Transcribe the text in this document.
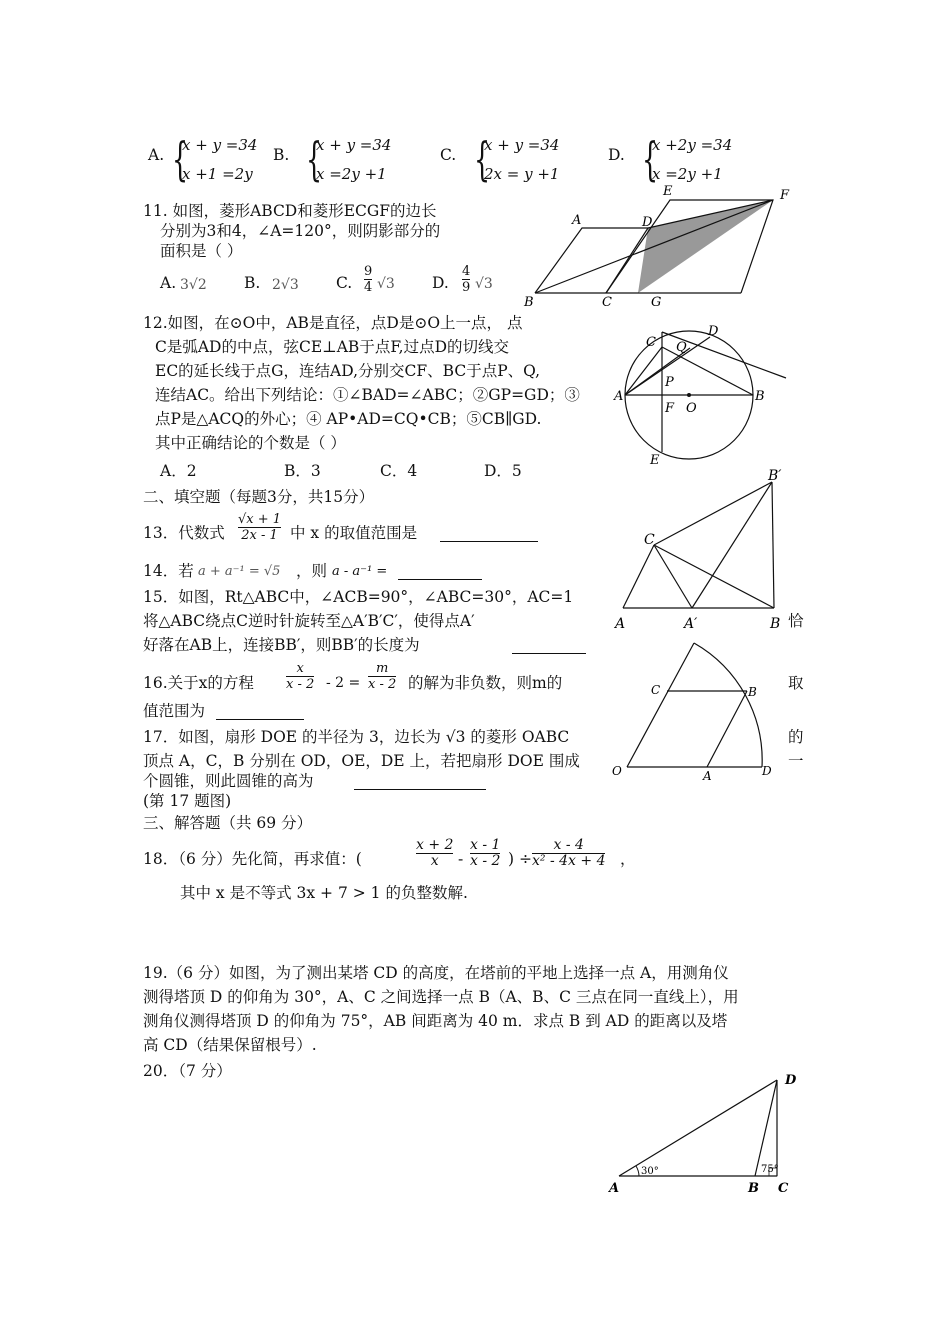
A. {
x + y =34
x +1 =2y
B. {
x + y =34
x =2y +1
C. {
x + y =34
2x = y +1
D. {
x +2y =34
x =2y +1
11. 如图，菱形ABCD和菱形ECGF的边长
分别为3和4，∠A=120°，则阴影部分的
面积是（ ）
A. 3√2 B. 2√3 C.
9
4 √3 D.
4
9 √3
A	D
E	F
B	C	G
12.如图，在⊙O中，AB是直径，点D是⊙O上一点， 点
C是弧AD的中点，弦CE⊥AB于点F,过点D的切线交
EC的延长线于点G，连结AD,分别交CF、BC于点P、Q,
连结AC。给出下列结论：①∠BAD=∠ABC；②GP=GD；③
点P是△ACQ的外心；④ AP•AD=CQ•CB；⑤CB∥GD.
其中正确结论的个数是（ ）
A．2	B．3	C．4	D．5
C
D
Q
A
P
B
F O
E
二、填空题（每题3分，共15分）
13．代数式
√x + 1
2x - 1 中 x 的取值范围是
14．若 a + a⁻¹ = √5 ，则 a - a⁻¹ =
15．如图，Rt△ABC中，∠ACB=90°，∠ABC=30°，AC=1
将△ABC绕点C逆时针旋转至△A′B′C′，使得点A′	恰
好落在AB上，连接BB′，则BB′的长度为
B′
C
A	A′	B
16.关于x的方程
x
x - 2 - 2 =
m
x - 2 的解为非负数，则m的	取
值范围为
17．如图，扇形 DOE 的半径为 3，边长为 √3 的菱形 OABC	的
顶点 A，C，B 分别在 OD，OE，DE 上，若把扇形 DOE 围成	一
个圆锥，则此圆锥的高为
(第 17 题图)
C	B
O	A	D
三、解答题（共 69 分）
18．（6 分）先化简，再求值：(
x + 2
x -
x - 1
x - 2 ) ÷
x - 4
x² - 4x + 4 ，
其中 x 是不等式 3x + 7 > 1 的负整数解.
19.（6 分）如图，为了测出某塔 CD 的高度，在塔前的平地上选择一点 A，用测角仪
测得塔顶 D 的仰角为 30°，A、C 之间选择一点 B（A、B、C 三点在同一直线上），用
测角仪测得塔顶 D 的仰角为 75°，AB 间距离为 40 m．求点 B 到 AD 的距离以及塔
高 CD（结果保留根号）.
20．（7 分）
D
A	B C
30°	75°
